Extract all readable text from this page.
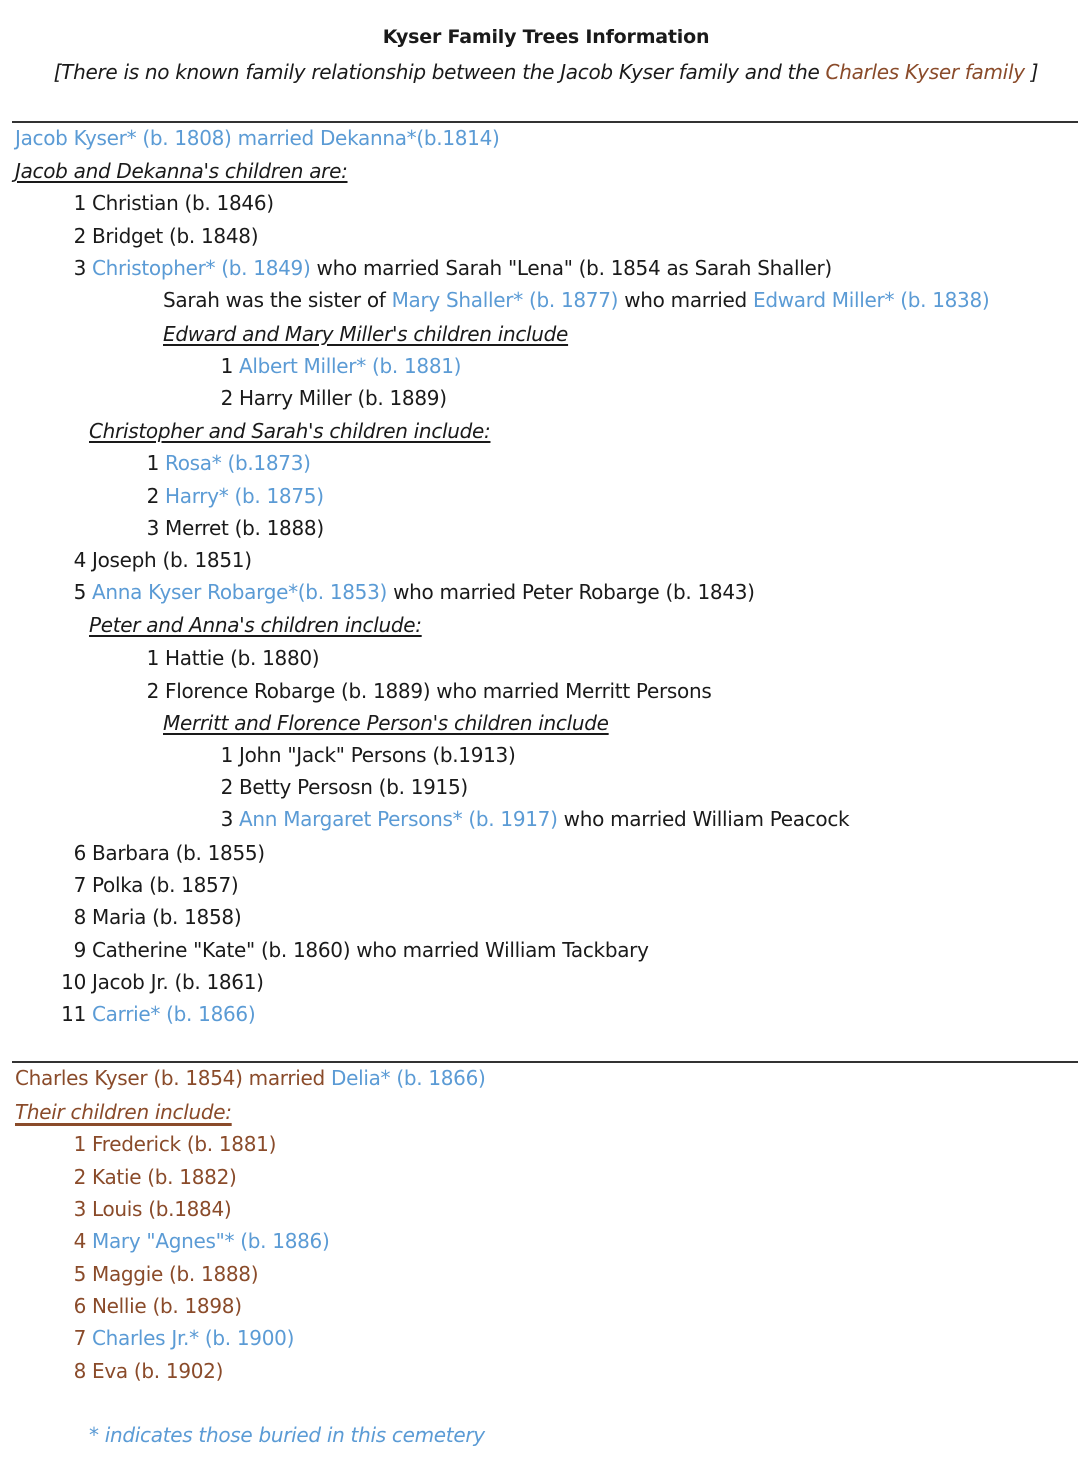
Kyser Family Trees Information
[There is no known family relationship between the Jacob Kyser family and the Charles Kyser family ]
Jacob Kyser* (b. 1808) married Dekanna*(b.1814)
Jacob and Dekanna's children are:
1 Christian (b. 1846)
2 Bridget (b. 1848)
3 Christopher* (b. 1849) who married Sarah "Lena" (b. 1854 as Sarah Shaller)
Sarah was the sister of Mary Shaller* (b. 1877) who married Edward Miller* (b. 1838)
Edward and Mary Miller's children include
1 Albert Miller* (b. 1881)
2 Harry Miller (b. 1889)
Christopher and Sarah's children include:
1 Rosa* (b.1873)
2 Harry* (b. 1875)
3 Merret (b. 1888)
4 Joseph (b. 1851)
5 Anna Kyser Robarge*(b. 1853) who married Peter Robarge (b. 1843)
Peter and Anna's children include:
1 Hattie (b. 1880)
2 Florence Robarge (b. 1889) who married Merritt Persons
Merritt and Florence Person's children include
1 John "Jack" Persons (b.1913)
2 Betty Persosn (b. 1915)
3 Ann Margaret Persons* (b. 1917) who married William Peacock
6 Barbara (b. 1855)
7 Polka (b. 1857)
8 Maria (b. 1858)
9 Catherine "Kate" (b. 1860) who married William Tackbary
10 Jacob Jr. (b. 1861)
11 Carrie* (b. 1866)
Charles Kyser (b. 1854) married Delia* (b. 1866)
Their children include:
1 Frederick (b. 1881)
2 Katie (b. 1882)
3 Louis (b.1884)
4 Mary "Agnes"* (b. 1886)
5 Maggie (b. 1888)
6 Nellie (b. 1898)
7 Charles Jr.* (b. 1900)
8 Eva (b. 1902)
* indicates those buried in this cemetery
